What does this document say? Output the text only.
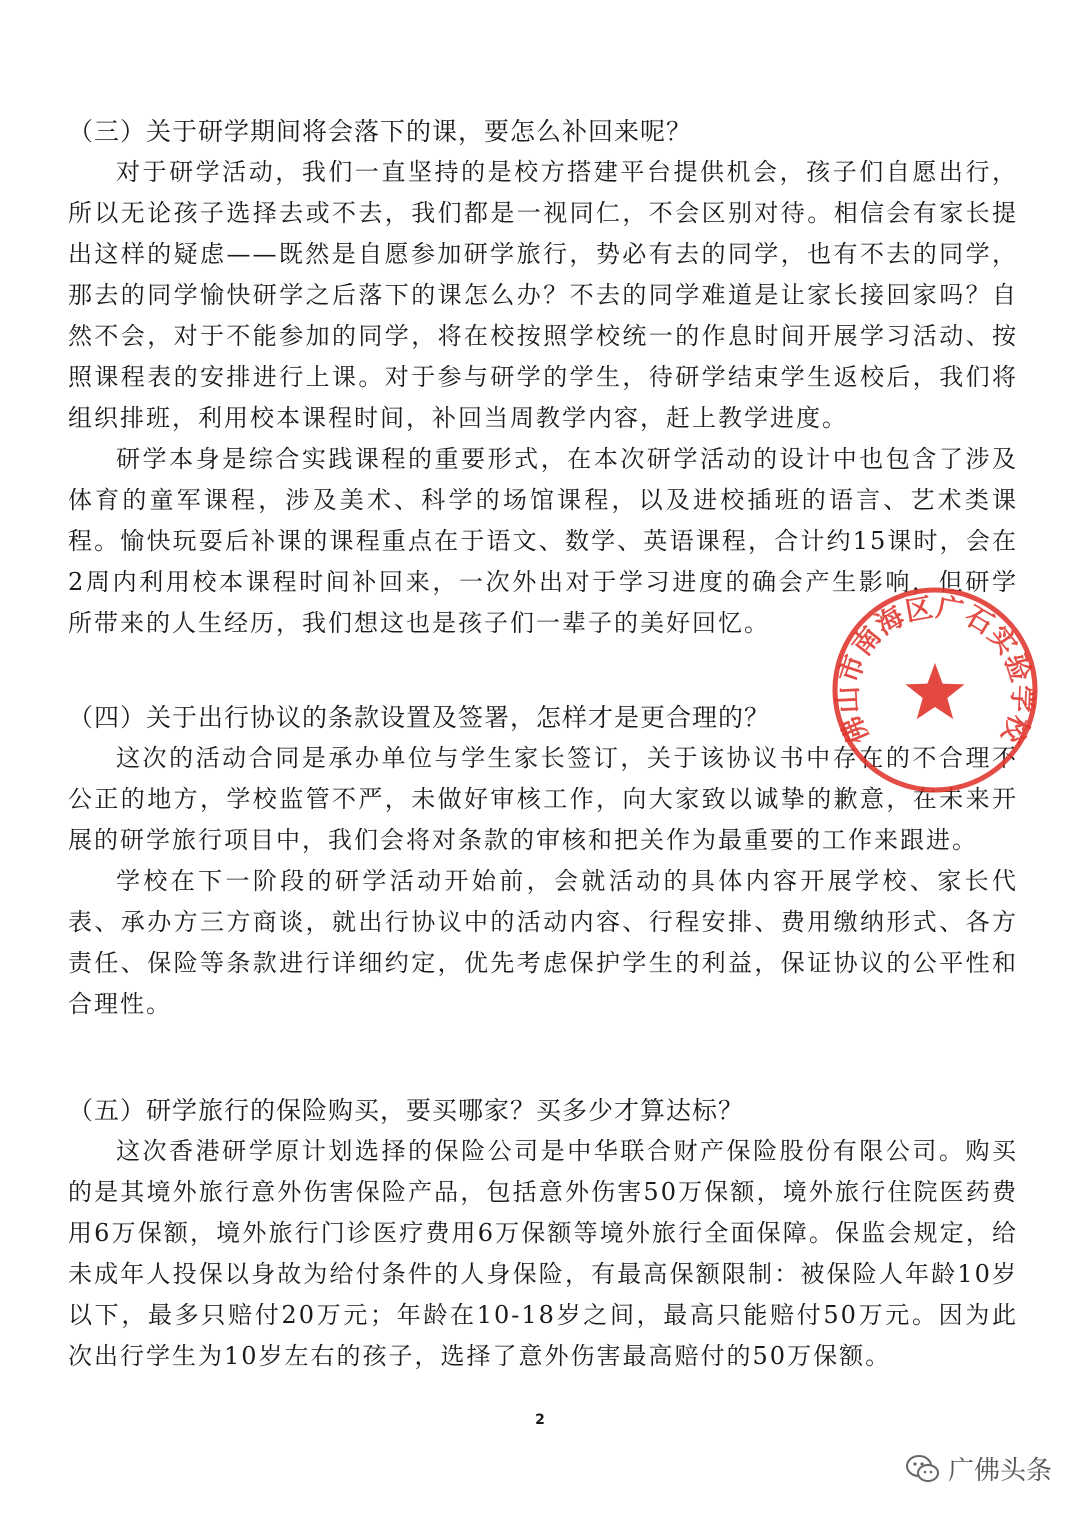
（三）关于研学期间将会落下的课，要怎么补回来呢？

对于研学活动，我们一直坚持的是校方搭建平台提供机会，孩子们自愿出行，所以无论孩子选择去或不去，我们都是一视同仁，不会区别对待。相信会有家长提出这样的疑虑——既然是自愿参加研学旅行，势必有去的同学，也有不去的同学，那去的同学愉快研学之后落下的课怎么办？不去的同学难道是让家长接回家吗？自然不会，对于不能参加的同学，将在校按照学校统一的作息时间开展学习活动、按照课程表的安排进行上课。对于参与研学的学生，待研学结束学生返校后，我们将组织排班，利用校本课程时间，补回当周教学内容，赶上教学进度。

研学本身是综合实践课程的重要形式，在本次研学活动的设计中也包含了涉及体育的童军课程，涉及美术、科学的场馆课程，以及进校插班的语言、艺术类课程。愉快玩耍后补课的课程重点在于语文、数学、英语课程，合计约15课时，会在2周内利用校本课程时间补回来，一次外出对于学习进度的确会产生影响，但研学所带来的人生经历，我们想这也是孩子们一辈子的美好回忆。

（四）关于出行协议的条款设置及签署，怎样才是更合理的？

这次的活动合同是承办单位与学生家长签订，关于该协议书中存在的不合理不公正的地方，学校监管不严，未做好审核工作，向大家致以诚挚的歉意，在未来开展的研学旅行项目中，我们会将对条款的审核和把关作为最重要的工作来跟进。

学校在下一阶段的研学活动开始前，会就活动的具体内容开展学校、家长代表、承办方三方商谈，就出行协议中的活动内容、行程安排、费用缴纳形式、各方责任、保险等条款进行详细约定，优先考虑保护学生的利益，保证协议的公平性和合理性。

（五）研学旅行的保险购买，要买哪家？买多少才算达标？

这次香港研学原计划选择的保险公司是中华联合财产保险股份有限公司。购买的是其境外旅行意外伤害保险产品，包括意外伤害50万保额，境外旅行住院医药费用6万保额，境外旅行门诊医疗费用6万保额等境外旅行全面保障。保监会规定，给未成年人投保以身故为给付条件的人身保险，有最高保额限制：被保险人年龄10岁以下，最多只赔付20万元；年龄在10-18岁之间，最高只能赔付50万元。因为此次出行学生为10岁左右的孩子，选择了意外伤害最高赔付的50万保额。

佛山市南海区广石实验学校
2
广佛头条
